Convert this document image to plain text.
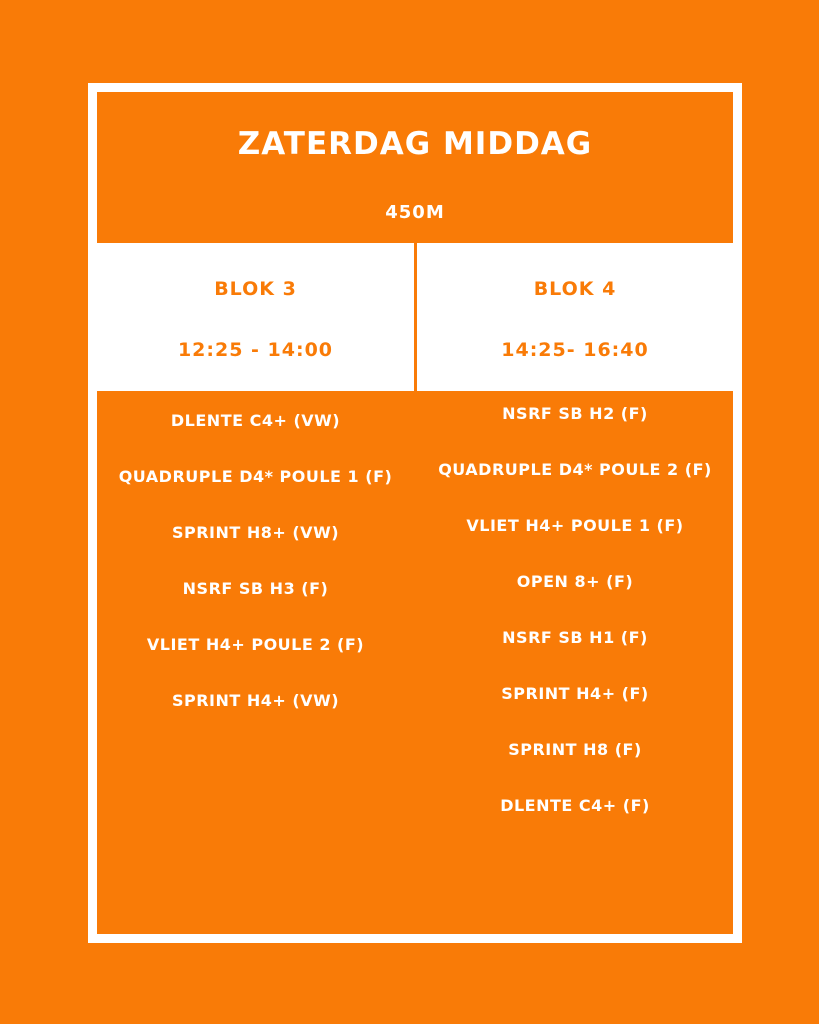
ZATERDAG MIDDAG
450M
BLOK 3
12:25 - 14:00
BLOK 4
14:25- 16:40
DLENTE C4+ (VW)
QUADRUPLE D4* POULE 1 (F)
SPRINT H8+ (VW)
NSRF SB H3 (F)
VLIET H4+ POULE 2 (F)
SPRINT H4+ (VW)
NSRF SB H2 (F)
QUADRUPLE D4* POULE 2 (F)
VLIET H4+ POULE 1 (F)
OPEN 8+ (F)
NSRF SB H1 (F)
SPRINT H4+ (F)
SPRINT H8 (F)
DLENTE C4+ (F)
